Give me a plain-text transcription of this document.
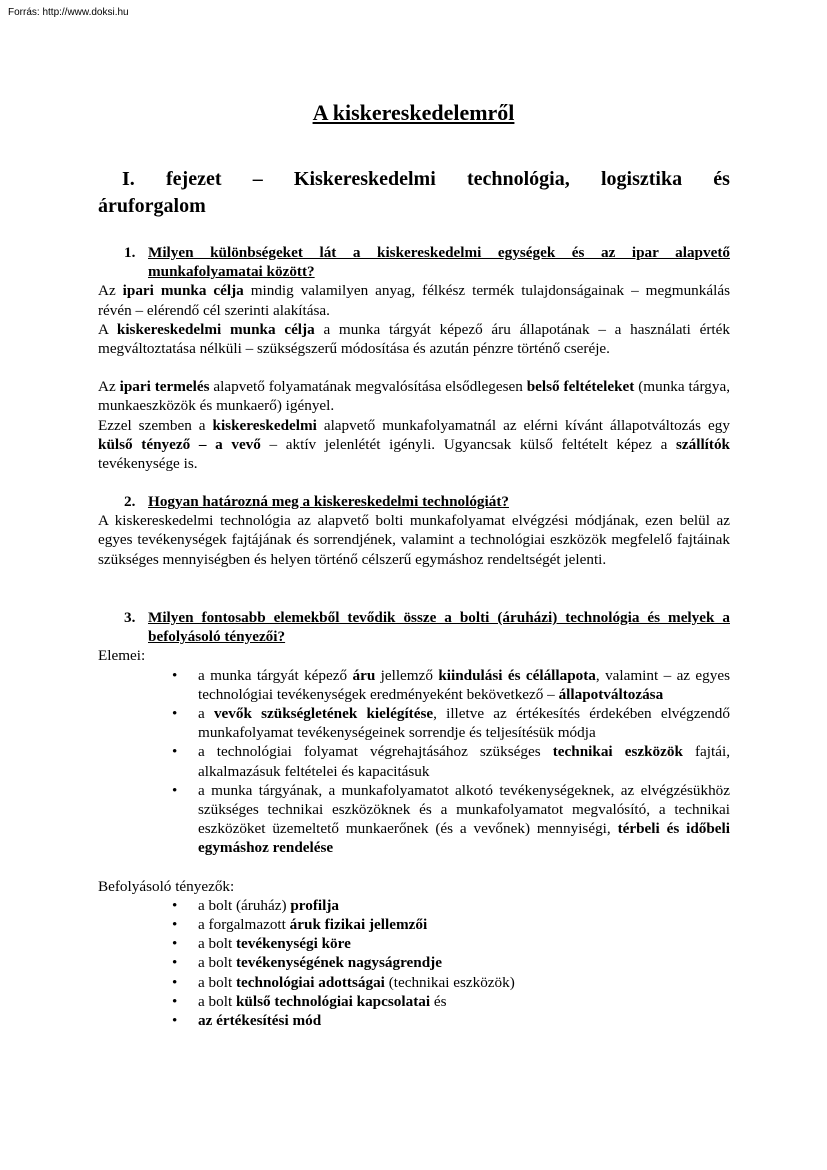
Forrás: http://www.doksi.hu
A kiskereskedelemről
I. fejezet – Kiskereskedelmi technológia, logisztika és
áruforgalom
1. Milyen különbségeket lát a kiskereskedelmi egységek és az ipar alapvető munkafolyamatai között?

Az ipari munka célja mindig valamilyen anyag, félkész termék tulajdonságainak – megmunkálás révén – elérendő cél szerinti alakítása.

A kiskereskedelmi munka célja a munka tárgyát képező áru állapotának – a használati érték megváltoztatása nélküli – szükségszerű módosítása és azután pénzre történő cseréje.

Az ipari termelés alapvető folyamatának megvalósítása elsődlegesen belső feltételeket (munka tárgya, munkaeszközök és munkaerő) igényel.

Ezzel szemben a kiskereskedelmi alapvető munkafolyamatnál az elérni kívánt állapotváltozás egy külső tényező – a vevő – aktív jelenlétét igényli. Ugyancsak külső feltételt képez a szállítók tevékenysége is.

2. Hogyan határozná meg a kiskereskedelmi technológiát?

A kiskereskedelmi technológia az alapvető bolti munkafolyamat elvégzési módjának, ezen belül az egyes tevékenységek fajtájának és sorrendjének, valamint a technológiai eszközök megfelelő fajtáinak szükséges mennyiségben és helyen történő célszerű egymáshoz rendeltségét jelenti.

3. Milyen fontosabb elemekből tevődik össze a bolti (áruházi) technológia és melyek a befolyásoló tényezői?

Elemei:

• a munka tárgyát képező áru jellemző kiindulási és célállapota, valamint – az egyes technológiai tevékenységek eredményeként bekövetkező – állapotváltozása
• a vevők szükségletének kielégítése, illetve az értékesítés érdekében elvégzendő munkafolyamat tevékenységeinek sorrendje és teljesítésük módja
• a technológiai folyamat végrehajtásához szükséges technikai eszközök fajtái, alkalmazásuk feltételei és kapacitásuk
• a munka tárgyának, a munkafolyamatot alkotó tevékenységeknek, az elvégzésükhöz szükséges technikai eszközöknek és a munkafolyamatot megvalósító, a technikai eszközöket üzemeltető munkaerőnek (és a vevőnek) mennyiségi, térbeli és időbeli egymáshoz rendelése

Befolyásoló tényezők:

• a bolt (áruház) profilja
• a forgalmazott áruk fizikai jellemzői
• a bolt tevékenységi köre
• a bolt tevékenységének nagyságrendje
• a bolt technológiai adottságai (technikai eszközök)
• a bolt külső technológiai kapcsolatai és
• az értékesítési mód
